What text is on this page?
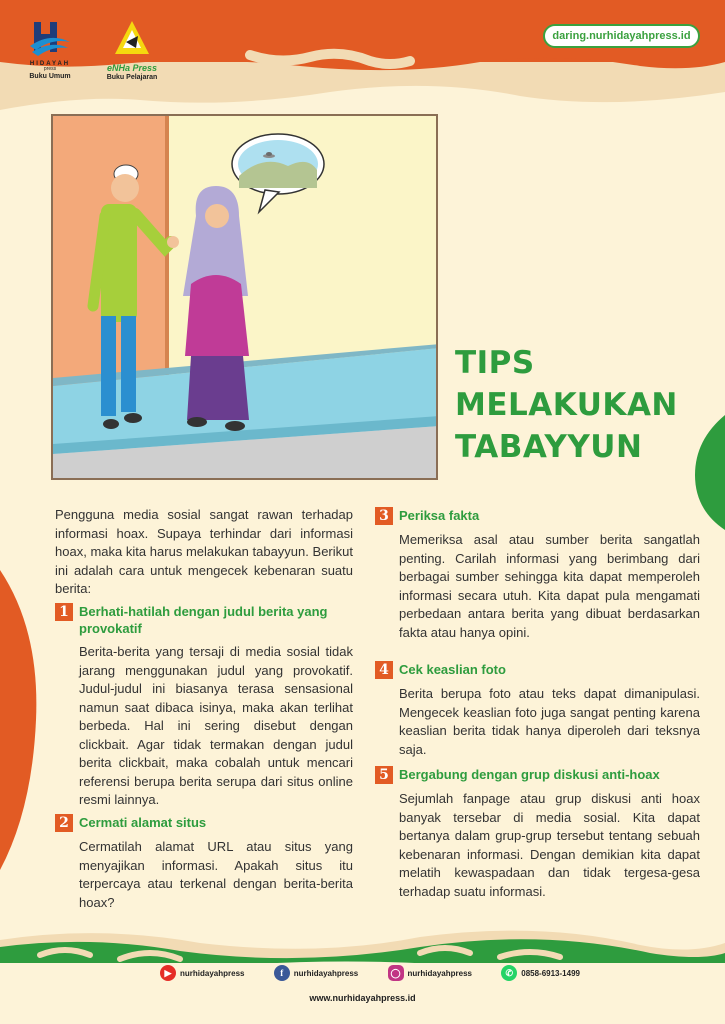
HIDAYAH
press
Buku Umum
eNHa Press
Buku Pelajaran
daring.nurhidayahpress.id
TIPS
MELAKUKAN
TABAYYUN

Pengguna media sosial sangat rawan terhadap informasi hoax. Supaya terhindar dari informasi hoax, maka kita harus melakukan tabayyun. Berikut ini adalah cara untuk mengecek kebenaran suatu berita:

1 Berhati-hatilah dengan judul berita yang provokatif

Berita-berita yang tersaji di media sosial tidak jarang menggunakan judul yang provokatif. Judul-judul ini biasanya terasa sensasional namun saat dibaca isinya, maka akan terlihat berbeda. Hal ini sering disebut dengan clickbait. Agar tidak termakan dengan judul berita clickbait, maka cobalah untuk mencari referensi berupa berita serupa dari situs online resmi lainnya.

2 Cermati alamat situs

Cermatilah alamat URL atau situs yang menyajikan informasi. Apakah situs itu terpercaya atau terkenal dengan berita-berita hoax?

3 Periksa fakta

Memeriksa asal atau sumber berita sangatlah penting. Carilah informasi yang berimbang dari berbagai sumber sehingga kita dapat memperoleh informasi secara utuh. Kita dapat pula mengamati perbedaan antara berita yang dibuat berdasarkan fakta atau hanya opini.

4 Cek keaslian foto

Berita berupa foto atau teks dapat dimanipulasi. Mengecek keaslian foto juga sangat penting karena keaslian berita tidak hanya diperoleh dari teksnya saja.

5 Bergabung dengan grup diskusi anti-hoax

Sejumlah fanpage atau grup diskusi anti hoax banyak tersebar di media sosial. Kita dapat bertanya dalam grup-grup tersebut tentang sebuah kebenaran informasi. Dengan demikian kita dapat melatih kewaspadaan dan tidak tergesa-gesa terhadap suatu informasi.

▶	nurhidayahpress	f	nurhidayahpress	◯ nurhidayahpress	✆	0858-6913-1499
www.nurhidayahpress.id
